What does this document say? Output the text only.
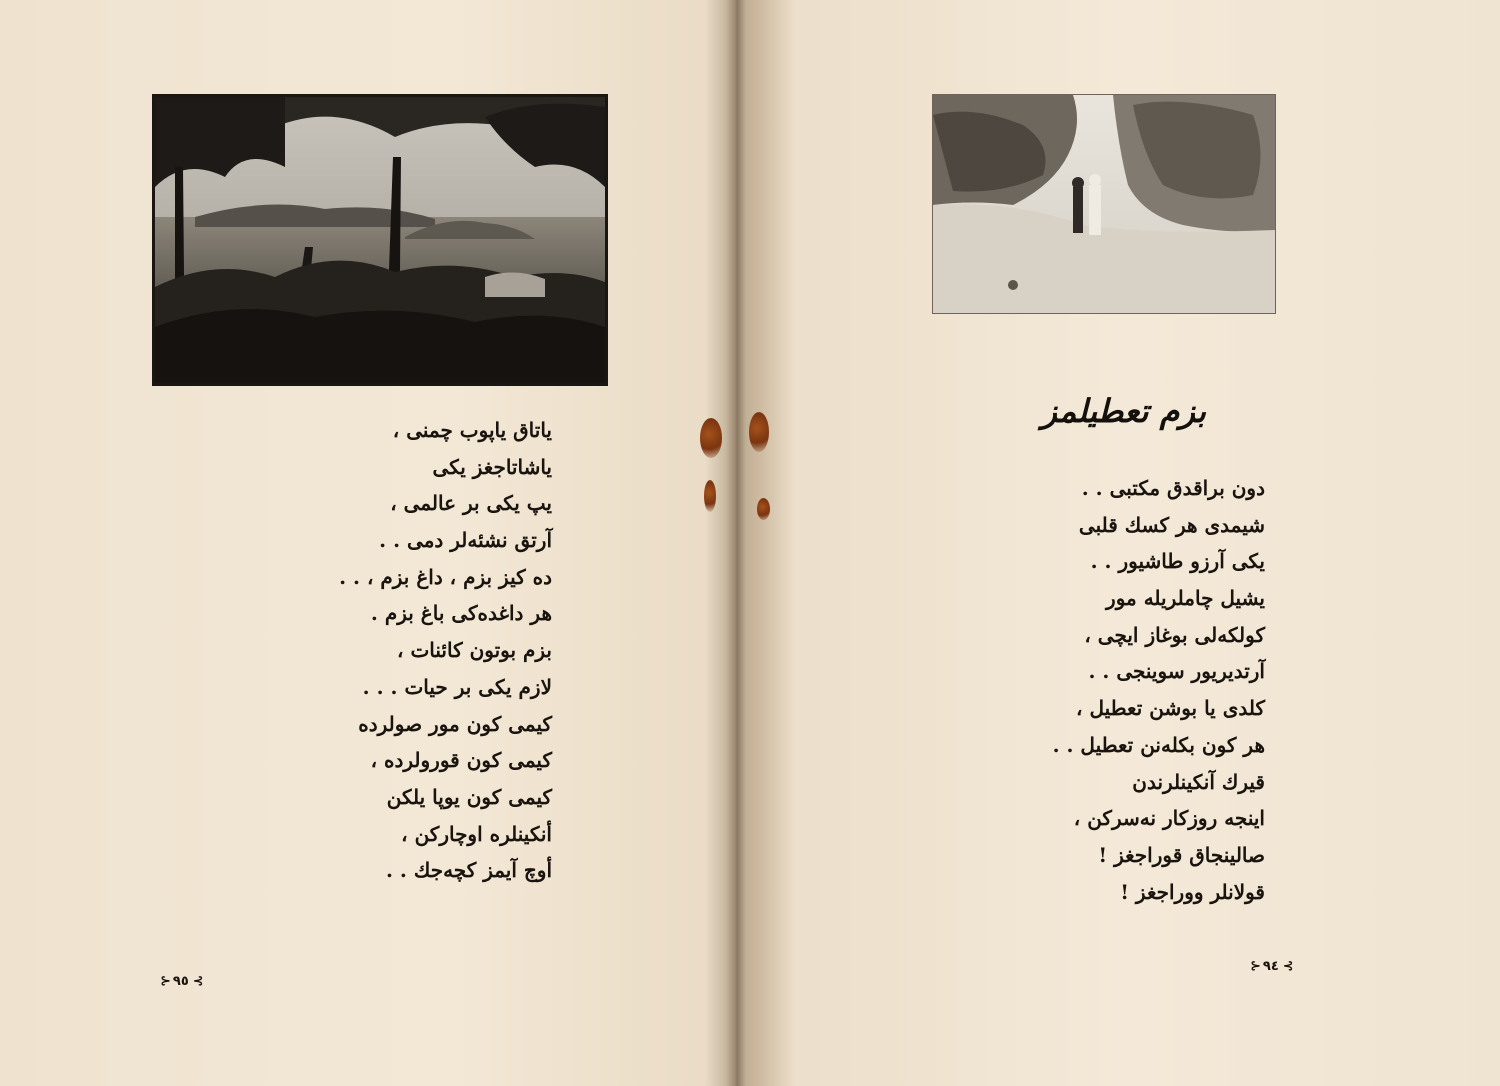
یاتاق یاپوب چمنی ،
یاشاتاجغز یکی
یپ یکی بر عالمی ،
آرتق نشئه‌لر دمی . .
ده کیز بزم ، داغ بزم ، . .
هر داغده‌کی باغ بزم .
بزم بوتون کائنات ،
لازم یکی بر حیات . . .
کیمی کون مور صولرده
کیمی کون قورولرده ،
کیمی کون یوپا یلکن
أنکینلره اوچارکن ،
أوچ آیمز کچه‌جك . .
⊱
٩٥
⊰
بزم تعطیلمز
دون براقدق مکتبی . .
شیمدی هر کسك قلبی
یکی آرزو طاشیور . .
یشیل چاملریله مور
کولکه‌لی بوغاز ایچی ،
آرتدیریور سوینجی . .
کلدی یا بوشن تعطیل ،
هر کون بکله‌نن تعطیل . .
قیرك آنکینلرندن
اینجه روزکار نه‌سرکن ،
صالینجاق قوراجغز !
قولانلر ووراجغز !
⊱
٩٤
⊰
